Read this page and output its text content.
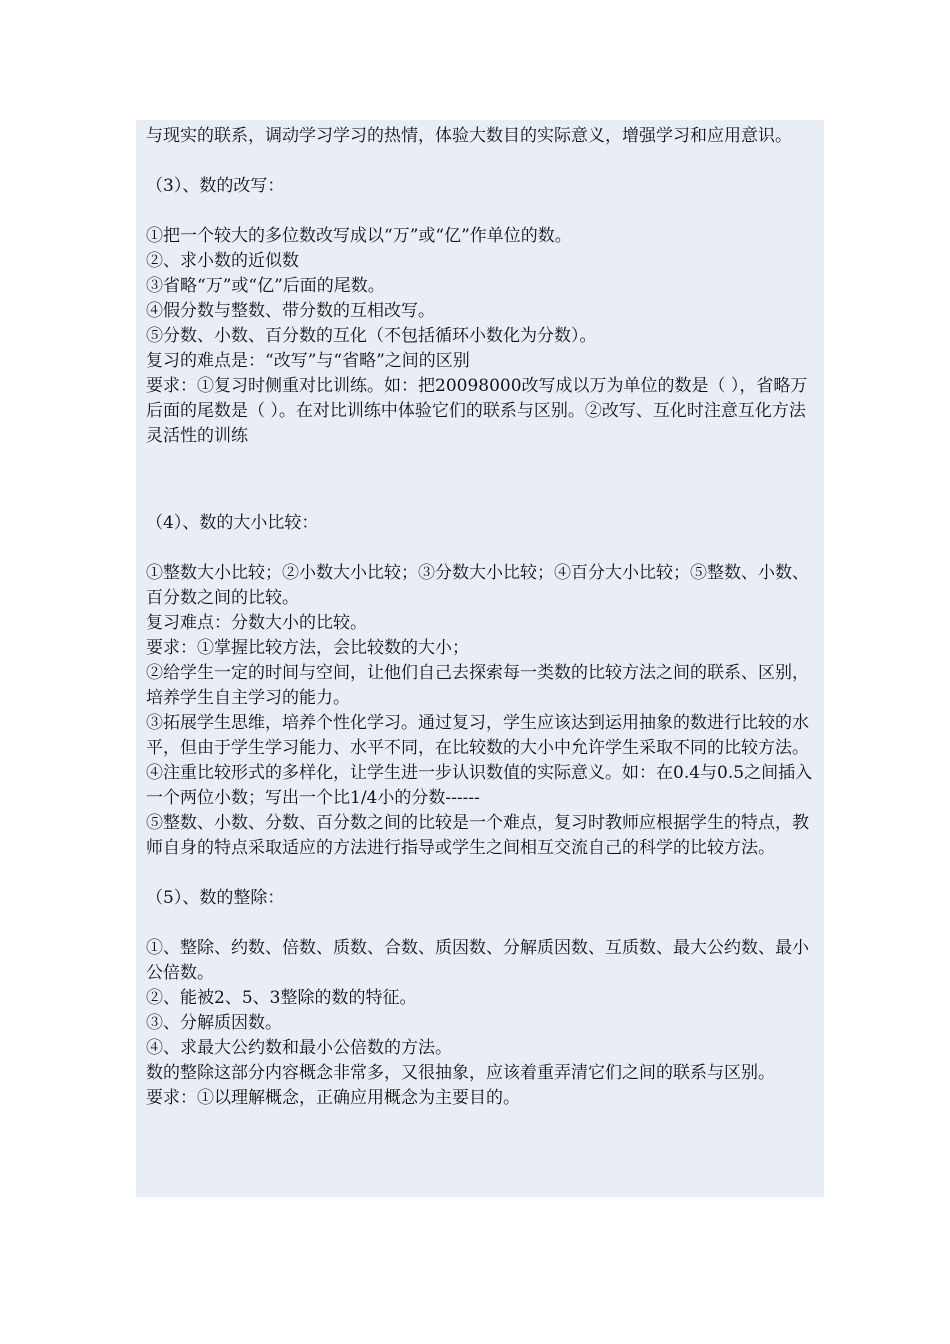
与现实的联系，调动学习学习的热情，体验大数目的实际意义，增强学习和应用意识。

（3）、数的改写：

①把一个较大的多位数改写成以“万”或“亿”作单位的数。

②、求小数的近似数

③省略“万”或“亿”后面的尾数。

④假分数与整数、带分数的互相改写。

⑤分数、小数、百分数的互化（不包括循环小数化为分数）。

复习的难点是：“改写”与“省略”之间的区别

要求：①复习时侧重对比训练。如：把20098000改写成以万为单位的数是（ ），省略万后面的尾数是（ ）。在对比训练中体验它们的联系与区别。②改写、互化时注意互化方法灵活性的训练

（4）、数的大小比较：

①整数大小比较；②小数大小比较；③分数大小比较；④百分大小比较；⑤整数、小数、百分数之间的比较。

复习难点：分数大小的比较。

要求：①掌握比较方法，会比较数的大小；

②给学生一定的时间与空间，让他们自己去探索每一类数的比较方法之间的联系、区别，培养学生自主学习的能力。

③拓展学生思维，培养个性化学习。通过复习，学生应该达到运用抽象的数进行比较的水平，但由于学生学习能力、水平不同，在比较数的大小中允许学生采取不同的比较方法。

④注重比较形式的多样化，让学生进一步认识数值的实际意义。如：在0.4与0.5之间插入一个两位小数；写出一个比1/4小的分数------

⑤整数、小数、分数、百分数之间的比较是一个难点，复习时教师应根据学生的特点，教师自身的特点采取适应的方法进行指导或学生之间相互交流自己的科学的比较方法。

（5）、数的整除：

①、整除、约数、倍数、质数、合数、质因数、分解质因数、互质数、最大公约数、最小公倍数。

②、能被2、5、3整除的数的特征。

③、分解质因数。

④、求最大公约数和最小公倍数的方法。

数的整除这部分内容概念非常多，又很抽象，应该着重弄清它们之间的联系与区别。

要求：①以理解概念，正确应用概念为主要目的。
